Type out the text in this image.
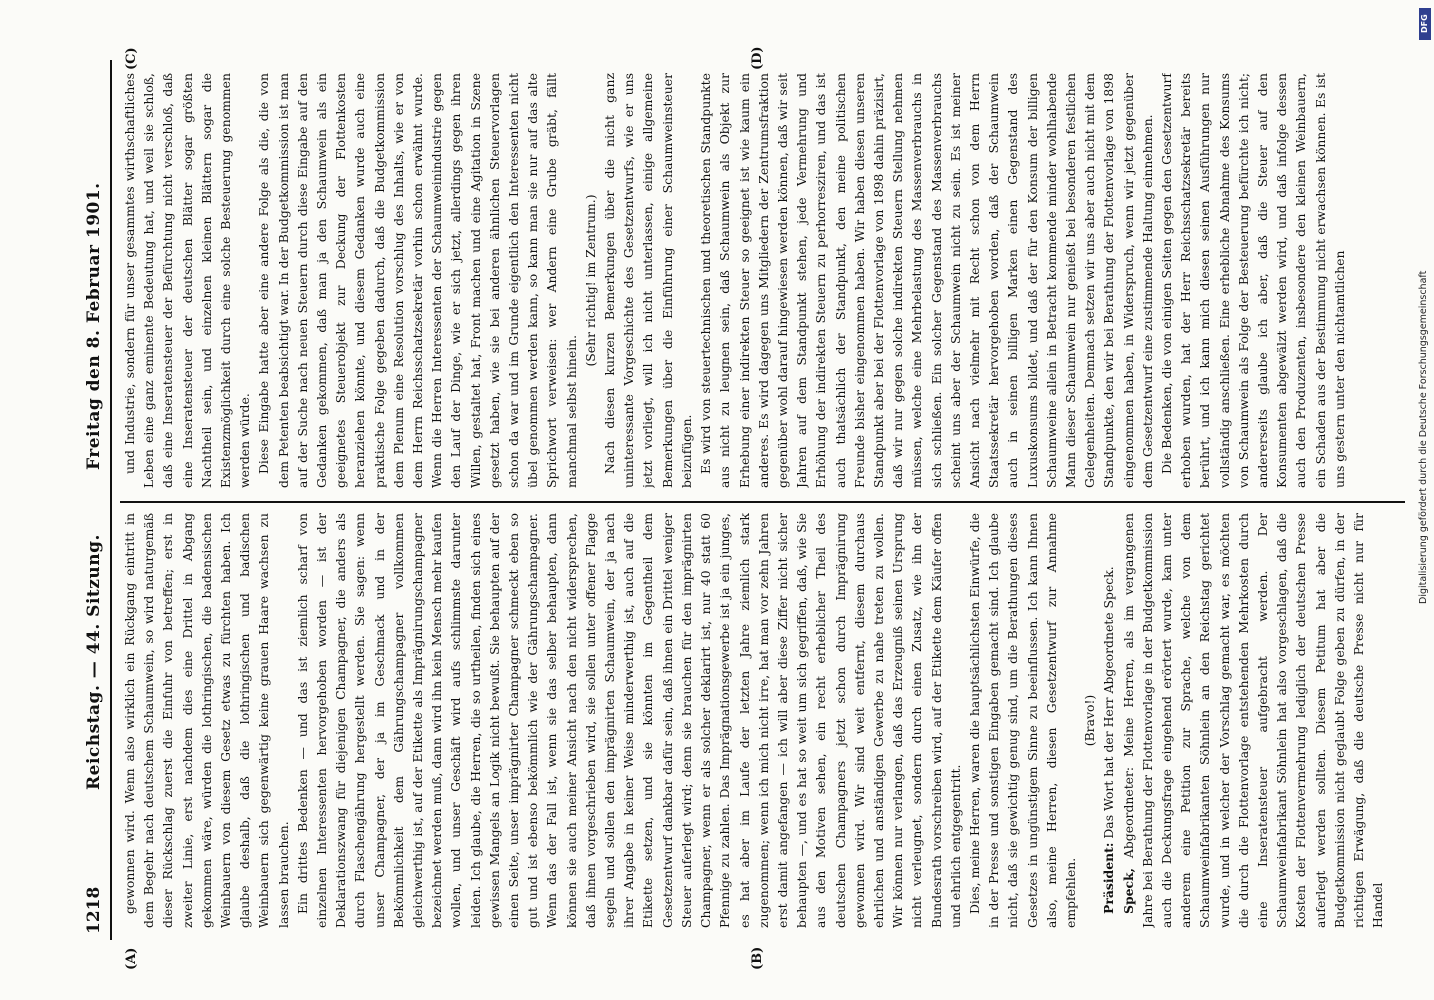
1218
Reichstag. — 44. Sitzung.
Freitag den 8. Februar 1901.
(A)	(B)
(C)	(D)

gewonnen wird. Wenn also wirklich ein Rückgang eintritt in dem Begehr nach deutschem Schaumwein, so wird naturgemäß dieser Rückschlag zuerst die Einfuhr von betreffen; erst in zweiter Linie, erst nachdem dies eine Drittel in Abgang gekommen wäre, würden die lothringischen, die badensischen Weinbauern von diesem Gesetz etwas zu fürchten haben. Ich glaube deshalb, daß die lothringischen und badischen Weinbauern sich gegenwärtig keine grauen Haare wachsen zu lassen brauchen. Ein drittes Bedenken — und das ist ziemlich scharf von einzelnen Interessenten hervorgehoben worden — ist der Deklarationszwang für diejenigen Champagner, die anders als durch Flaschengährung hergestellt werden. Sie sagen: wenn unser Champagner, der ja im Geschmack und in der Bekömmlichkeit dem Gährungschampagner vollkommen gleichwerthig ist, auf der Etikette als Imprägnirungschampagner bezeichnet werden muß, dann wird ihn kein Mensch mehr kaufen wollen, und unser Geschäft wird aufs schlimmste darunter leiden. Ich glaube, die Herren, die so urtheilen, finden sich eines gewissen Mangels an Logik nicht bewußt. Sie behaupten auf der einen Seite, unser imprägnirter Champagner schmeckt eben so gut und ist ebenso bekömmlich wie der Gährungschampagner. Wenn das der Fall ist, wenn sie das selber behaupten, dann können sie auch meiner Ansicht nach den nicht widersprechen, daß ihnen vorgeschrieben wird, sie sollen unter offener Flagge segeln und sollen den imprägnirten Schaumwein, der ja nach ihrer Angabe in keiner Weise minderwerthig ist, auch auf die Etikette setzen, und sie könnten im Gegentheil dem Gesetzentwurf dankbar dafür sein, daß ihnen ein Drittel weniger Steuer auferlegt wird; denn sie brauchen für den imprägnirten Champagner, wenn er als solcher deklarirt ist, nur 40 statt 60 Pfennige zu zahlen. Das Imprägnationsgewerbe ist ja ein junges, es hat aber im Laufe der letzten Jahre ziemlich stark zugenommen; wenn ich mich nicht irre, hat man vor zehn Jahren erst damit angefangen — ich will aber diese Ziffer nicht sicher behaupten —, und es hat so weit um sich gegriffen, daß, wie Sie aus den Motiven sehen, ein recht erheblicher Theil des deutschen Champagners jetzt schon durch Imprägnirung gewonnen wird. Wir sind weit entfernt, diesem durchaus ehrlichen und anständigen Gewerbe zu nahe treten zu wollen. Wir können nur verlangen, daß das Erzeugniß seinen Ursprung nicht verleugnet, sondern durch einen Zusatz, wie ihn der Bundesrath vorschreiben wird, auf der Etikette dem Käufer offen und ehrlich entgegentritt. Dies, meine Herren, waren die hauptsächlichsten Einwürfe, die in der Presse und sonstigen Eingaben gemacht sind. Ich glaube nicht, daß sie gewichtig genug sind, um die Berathungen dieses Gesetzes in ungünstigem Sinne zu beeinflussen. Ich kann Ihnen also, meine Herren, diesen Gesetzentwurf zur Annahme empfehlen.

(Bravo!)

Präsident: Das Wort hat der Herr Abgeordnete Speck.

Speck, Abgeordneter: Meine Herren, als im vergangenen Jahre bei Berathung der Flottenvorlage in der Budgetkommission auch die Deckungsfrage eingehend erörtert wurde, kam unter anderem eine Petition zur Sprache, welche von dem Schaumweinfabrikanten Söhnlein an den Reichstag gerichtet wurde, und in welcher der Vorschlag gemacht war, es möchten die durch die Flottenvorlage entstehenden Mehrkosten durch eine Inseratensteuer aufgebracht werden. Der Schaumweinfabrikant Söhnlein hat also vorgeschlagen, daß die Kosten der Flottenvermehrung lediglich der deutschen Presse auferlegt werden sollten. Diesem Petitum hat aber die Budgetkommission nicht geglaubt Folge geben zu dürfen, in der richtigen Erwägung, daß die deutsche Presse nicht nur für Handel

und Industrie, sondern für unser gesammtes wirthschaftliches Leben eine ganz eminente Bedeutung hat, und weil sie schloß, daß eine Inseratensteuer der Befürchtung nicht verschloß, daß eine Inseratensteuer der deutschen Blätter sogar größten Nachtheil sein, und einzelnen kleinen Blättern sogar die Existenzmöglichkeit durch eine solche Besteuerung genommen werden würde. Diese Eingabe hatte aber eine andere Folge als die, die von dem Petenten beabsichtigt war. In der Budgetkommission ist man auf der Suche nach neuen Steuern durch diese Eingabe auf den Gedanken gekommen, daß man ja den Schaumwein als ein geeignetes Steuerobjekt zur Deckung der Flottenkosten heranziehen könnte, und diesem Gedanken wurde auch eine praktische Folge gegeben dadurch, daß die Budgetkommission dem Plenum eine Resolution vorschlug des Inhalts, wie er von dem Herrn Reichsschatzsekretär vorhin schon erwähnt wurde. Wenn die Herren Interessenten der Schaumweinindustrie gegen den Lauf der Dinge, wie er sich jetzt, allerdings gegen ihren Willen, gestaltet hat, Front machen und eine Agitation in Szene gesetzt haben, wie sie bei anderen ähnlichen Steuervorlagen schon da war und im Grunde eigentlich den Interessenten nicht übel genommen werden kann, so kann man sie nur auf das alte Sprichwort verweisen: wer Andern eine Grube gräbt, fällt manchmal selbst hinein.

(Sehr richtig! im Zentrum.) Nach diesen kurzen Bemerkungen über die nicht ganz uninteressante Vorgeschichte des Gesetzentwurfs, wie er uns jetzt vorliegt, will ich nicht unterlassen, einige allgemeine Bemerkungen über die Einführung einer Schaumweinsteuer beizufügen. Es wird von steuertechnischen und theoretischen Standpunkte aus nicht zu leugnen sein, daß Schaumwein als Objekt zur Erhebung einer indirekten Steuer so geeignet ist wie kaum ein anderes. Es wird dagegen uns Mitgliedern der Zentrumsfraktion gegenüber wohl darauf hingewiesen werden können, daß wir seit Jahren auf dem Standpunkt stehen, jede Vermehrung und Erhöhung der indirekten Steuern zu perhorresziren, und das ist auch thatsächlich der Standpunkt, den meine politischen Freunde bisher eingenommen haben. Wir haben diesen unseren Standpunkt aber bei der Flottenvorlage von 1898 dahin präzisirt, daß wir nur gegen solche indirekten Steuern Stellung nehmen müssen, welche eine Mehrbelastung des Massenverbrauchs in sich schließen. Ein solcher Gegenstand des Massenverbrauchs scheint uns aber der Schaumwein nicht zu sein. Es ist meiner Ansicht nach vielmehr mit Recht schon von dem Herrn Staatssekretär hervorgehoben worden, daß der Schaumwein auch in seinen billigen Marken einen Gegenstand des Luxuskonsums bildet, und daß der für den Konsum der billigen Schaumweine allein in Betracht kommende minder wohlhabende Mann dieser Schaumwein nur genießt bei besonderen festlichen Gelegenheiten. Demnach setzen wir uns aber auch nicht mit dem Standpunkte, den wir bei Berathung der Flottenvorlage von 1898 eingenommen haben, in Widerspruch, wenn wir jetzt gegenüber dem Gesetzentwurf eine zustimmende Haltung einnehmen. Die Bedenken, die von einigen Seiten gegen den Gesetzentwurf erhoben wurden, hat der Herr Reichsschatzsekretär bereits berührt, und ich kann mich diesen seinen Ausführungen nur vollständig anschließen. Eine erhebliche Abnahme des Konsums von Schaumwein als Folge der Besteuerung befürchte ich nicht; andererseits glaube ich aber, daß die Steuer auf den Konsumenten abgewälzt werden wird, und daß infolge dessen auch den Produzenten, insbesondere den kleinen Weinbauern, ein Schaden aus der Bestimmung nicht erwachsen können. Es ist uns gestern unter den nichtamtlichen

DFG
Digitalisierung gefördert durch die Deutsche Forschungsgemeinschaft
